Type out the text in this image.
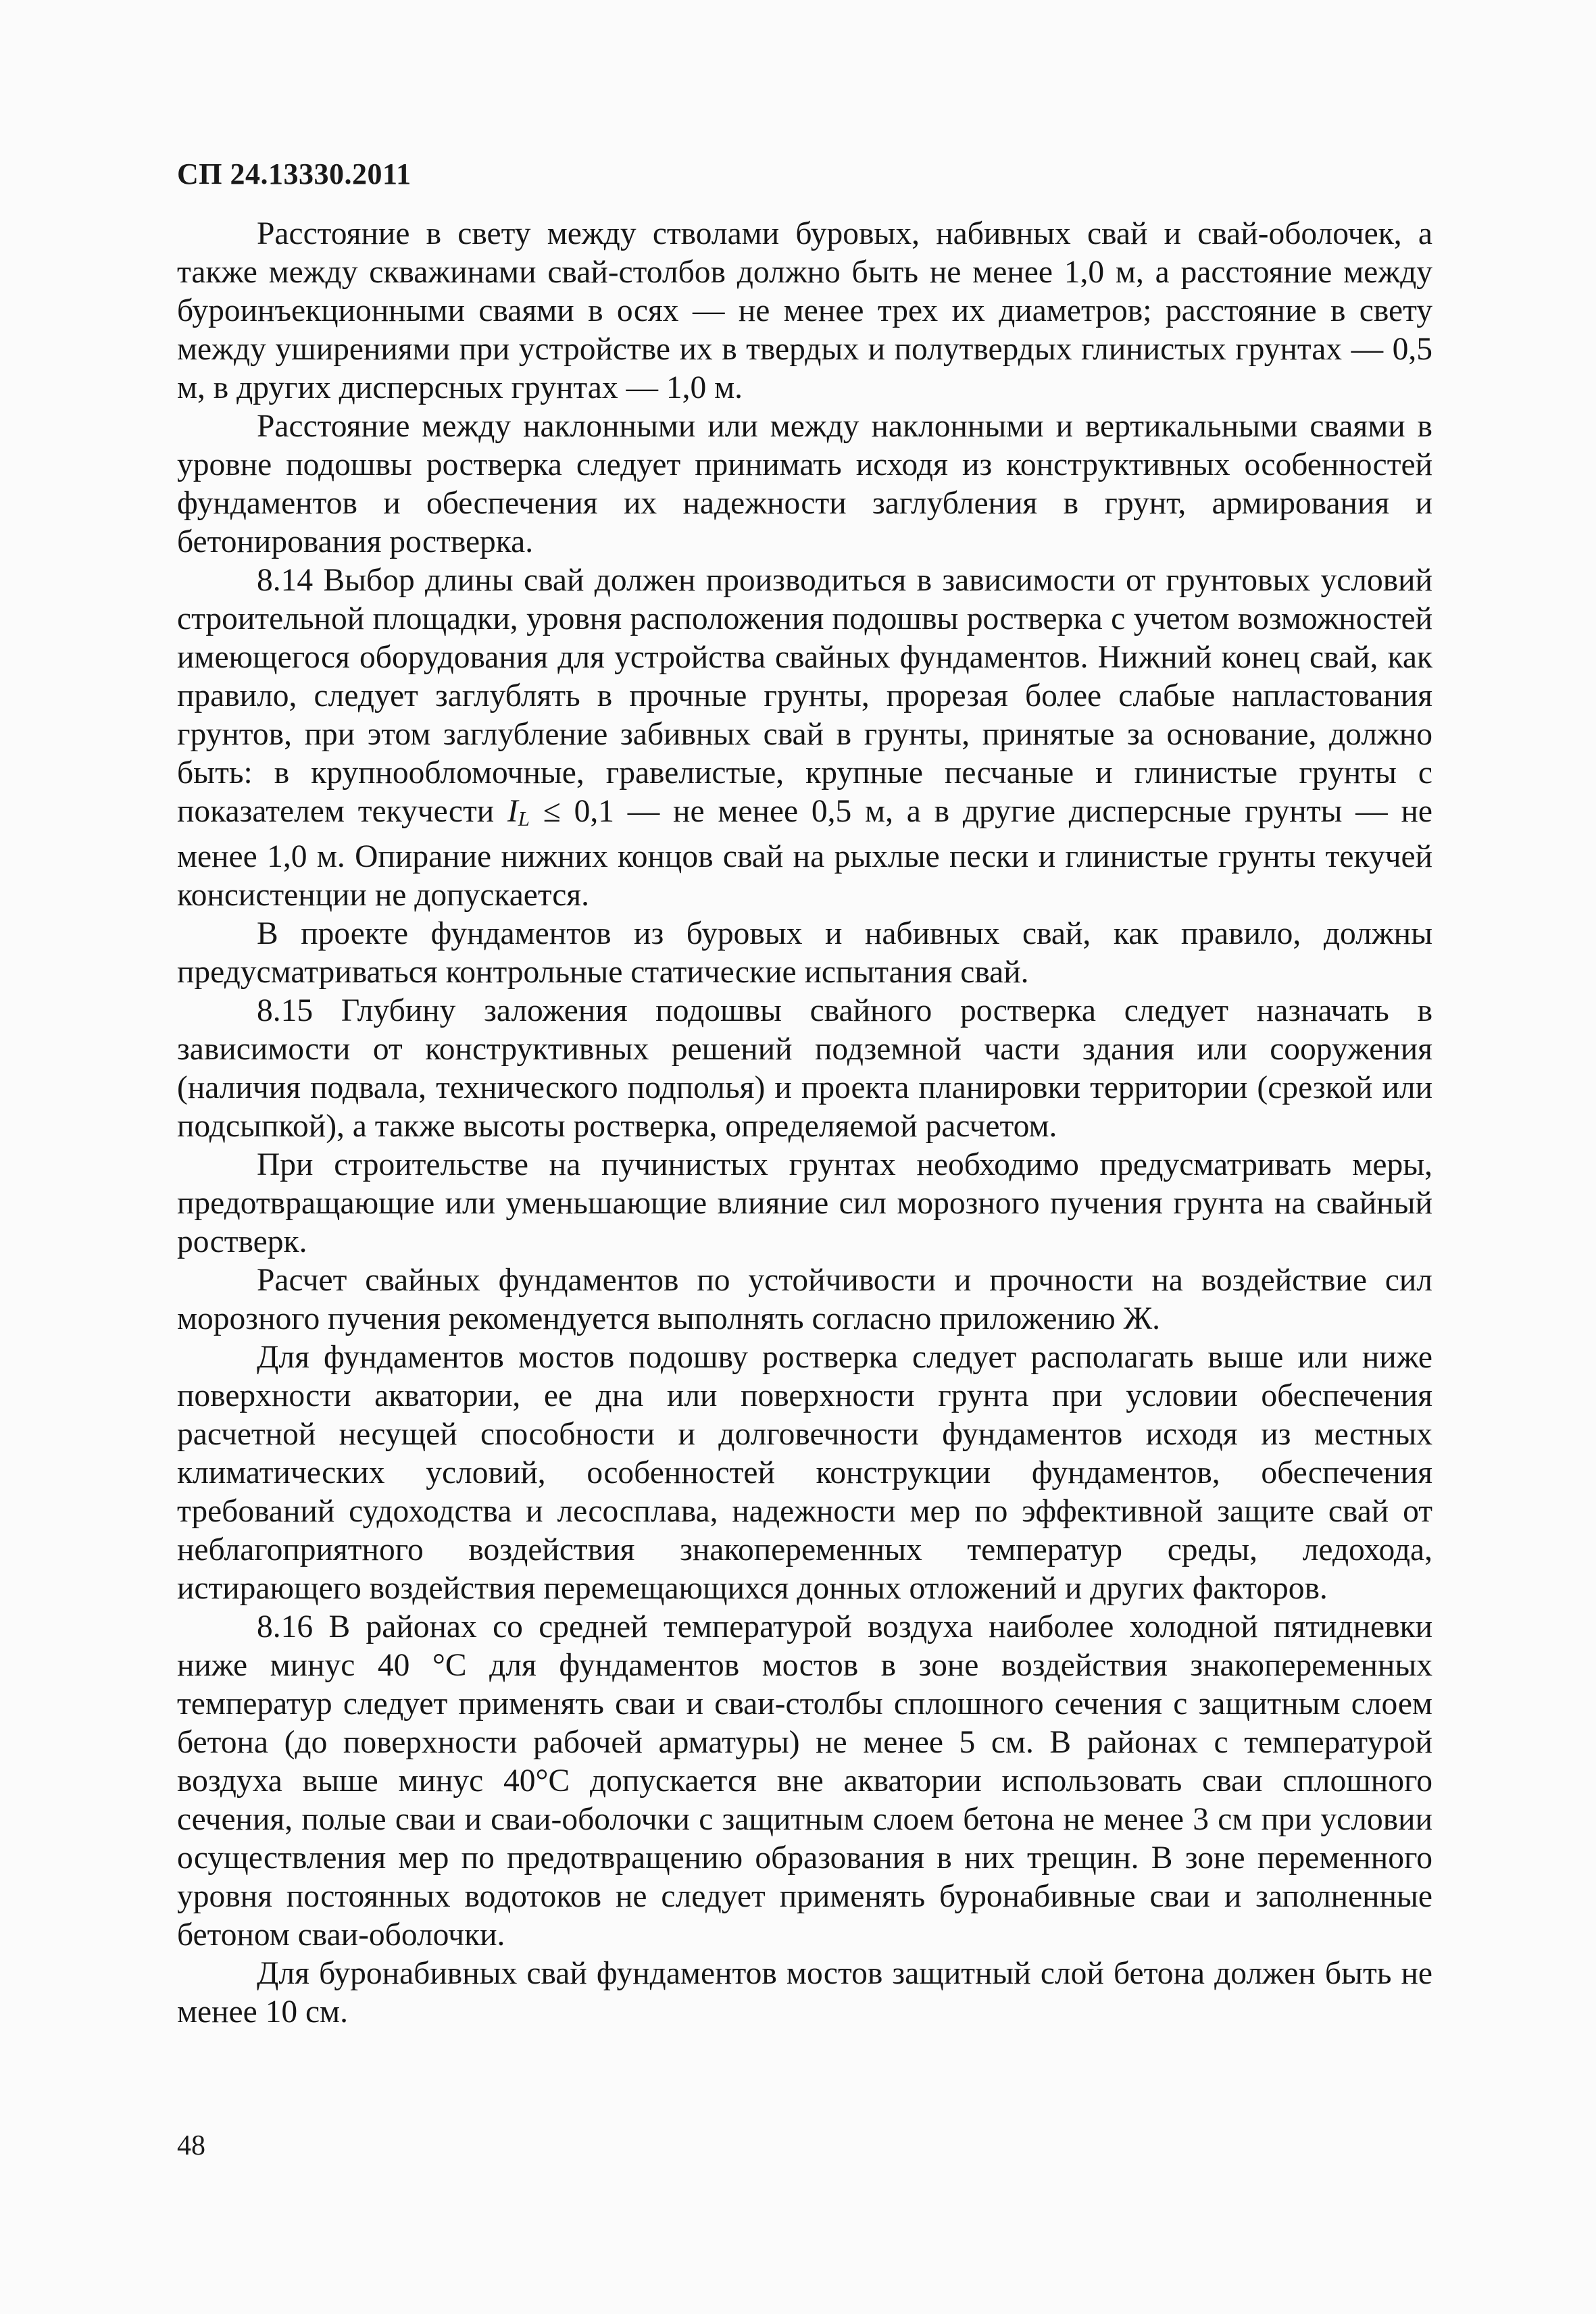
СП 24.13330.2011

Расстояние в свету между стволами буровых, набивных свай и свай-оболочек, а также между скважинами свай-столбов должно быть не менее 1,0 м, а расстояние между буроинъекционными сваями в осях — не менее трех их диаметров; расстояние в свету между уширениями при устройстве их в твердых и полутвердых глинистых грунтах — 0,5 м, в других дисперсных грунтах — 1,0 м.

Расстояние между наклонными или между наклонными и вертикальными сваями в уровне подошвы ростверка следует принимать исходя из конструктивных особенностей фундаментов и обеспечения их надежности заглубления в грунт, армирования и бетонирования ростверка.

8.14 Выбор длины свай должен производиться в зависимости от грунтовых условий строительной площадки, уровня расположения подошвы ростверка с учетом возможностей имеющегося оборудования для устройства свайных фундаментов. Нижний конец свай, как правило, следует заглублять в прочные грунты, прорезая более слабые напластования грунтов, при этом заглубление забивных свай в грунты, принятые за основание, должно быть: в крупнообломочные, гравелистые, крупные песчаные и глинистые грунты с показателем текучести IL ≤ 0,1 — не менее 0,5 м, а в другие дисперсные грунты — не менее 1,0 м. Опирание нижних концов свай на рыхлые пески и глинистые грунты текучей консистенции не допускается.

В проекте фундаментов из буровых и набивных свай, как правило, должны предусматриваться контрольные статические испытания свай.

8.15 Глубину заложения подошвы свайного ростверка следует назначать в зависимости от конструктивных решений подземной части здания или сооружения (наличия подвала, технического подполья) и проекта планировки территории (срезкой или подсыпкой), а также высоты ростверка, определяемой расчетом.

При строительстве на пучинистых грунтах необходимо предусматривать меры, предотвращающие или уменьшающие влияние сил морозного пучения грунта на свайный ростверк.

Расчет свайных фундаментов по устойчивости и прочности на воздействие сил морозного пучения рекомендуется выполнять согласно приложению Ж.

Для фундаментов мостов подошву ростверка следует располагать выше или ниже поверхности акватории, ее дна или поверхности грунта при условии обеспечения расчетной несущей способности и долговечности фундаментов исходя из местных климатических условий, особенностей конструкции фундаментов, обеспечения требований судоходства и лесосплава, надежности мер по эффективной защите свай от неблагоприятного воздействия знакопеременных температур среды, ледохода, истирающего воздействия перемещающихся донных отложений и других факторов.

8.16 В районах со средней температурой воздуха наиболее холодной пятидневки ниже минус 40 °С для фундаментов мостов в зоне воздействия знакопеременных температур следует применять сваи и сваи-столбы сплошного сечения с защитным слоем бетона (до поверхности рабочей арматуры) не менее 5 см. В районах с температурой воздуха выше минус 40°С допускается вне акватории использовать сваи сплошного сечения, полые сваи и сваи-оболочки с защитным слоем бетона не менее 3 см при условии осуществления мер по предотвращению образования в них трещин. В зоне переменного уровня постоянных водотоков не следует применять буронабивные сваи и заполненные бетоном сваи-оболочки.

Для буронабивных свай фундаментов мостов защитный слой бетона должен быть не менее 10 см.

48
